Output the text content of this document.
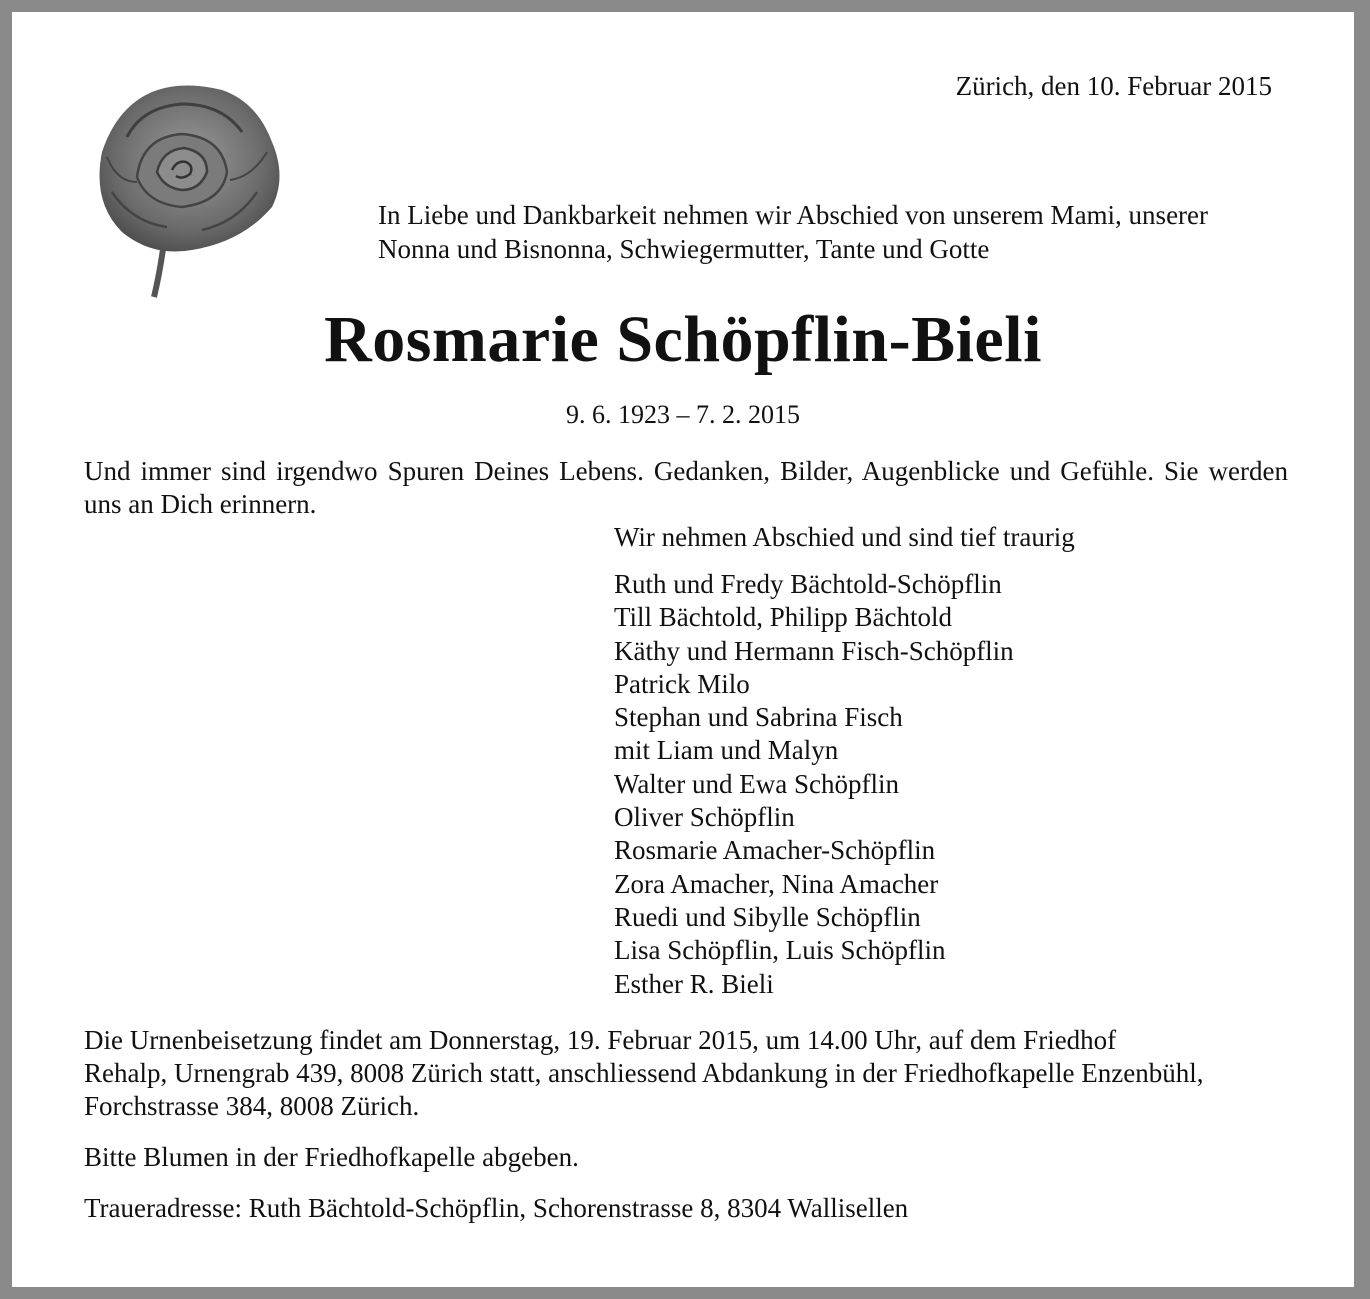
Zürich, den 10. Februar 2015
In Liebe und Dankbarkeit nehmen wir Abschied von unserem Mami, unserer
Nonna und Bisnonna, Schwiegermutter, Tante und Gotte
Rosmarie Schöpflin-Bieli
9. 6. 1923 – 7. 2. 2015
Und immer sind irgendwo Spuren Deines Lebens. Gedanken, Bilder, Augenblicke und Gefühle. Sie werden uns an Dich erinnern.
Wir nehmen Abschied und sind tief traurig
Ruth und Fredy Bächtold-Schöpflin
Till Bächtold, Philipp Bächtold
Käthy und Hermann Fisch-Schöpflin
Patrick Milo
Stephan und Sabrina Fisch
mit Liam und Malyn
Walter und Ewa Schöpflin
Oliver Schöpflin
Rosmarie Amacher-Schöpflin
Zora Amacher, Nina Amacher
Ruedi und Sibylle Schöpflin
Lisa Schöpflin, Luis Schöpflin
Esther R. Bieli
Die Urnenbeisetzung findet am Donnerstag, 19. Februar 2015, um 14.00 Uhr, auf dem Friedhof
Rehalp, Urnengrab 439, 8008 Zürich statt, anschliessend Abdankung in der Friedhofkapelle Enzenbühl,
Forchstrasse 384, 8008 Zürich.
Bitte Blumen in der Friedhofkapelle abgeben.
Traueradresse: Ruth Bächtold-Schöpflin, Schorenstrasse 8, 8304 Wallisellen
